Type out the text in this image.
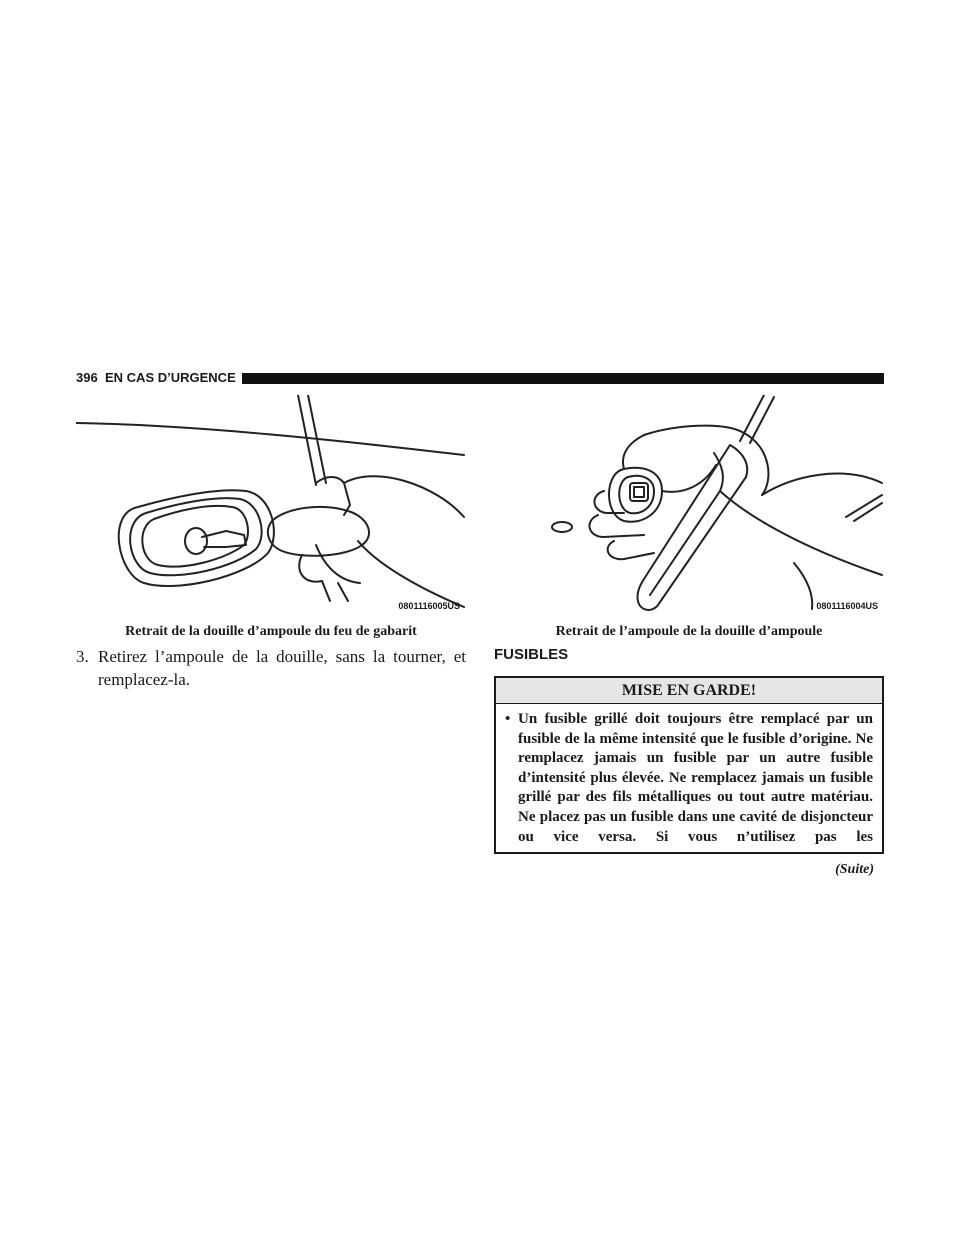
396 EN CAS D’URGENCE
0801116005US	0801116004US
Retrait de la douille d’ampoule du feu de gabarit	Retrait de l’ampoule de la douille d’ampoule
3. Retirez l’ampoule de la douille, sans la tourner, et
remplacez-la.
FUSIBLES
MISE EN GARDE!
• Un fusible grillé doit toujours être remplacé par un fusible de la même intensité que le fusible d’origine. Ne remplacez jamais un fusible par un autre fusible d’intensité plus élevée. Ne remplacez jamais un fusible grillé par des fils métalliques ou tout autre matériau. Ne placez pas un fusible dans une cavité de disjoncteur ou vice versa. Si vous n’utilisez pas les
(Suite)
